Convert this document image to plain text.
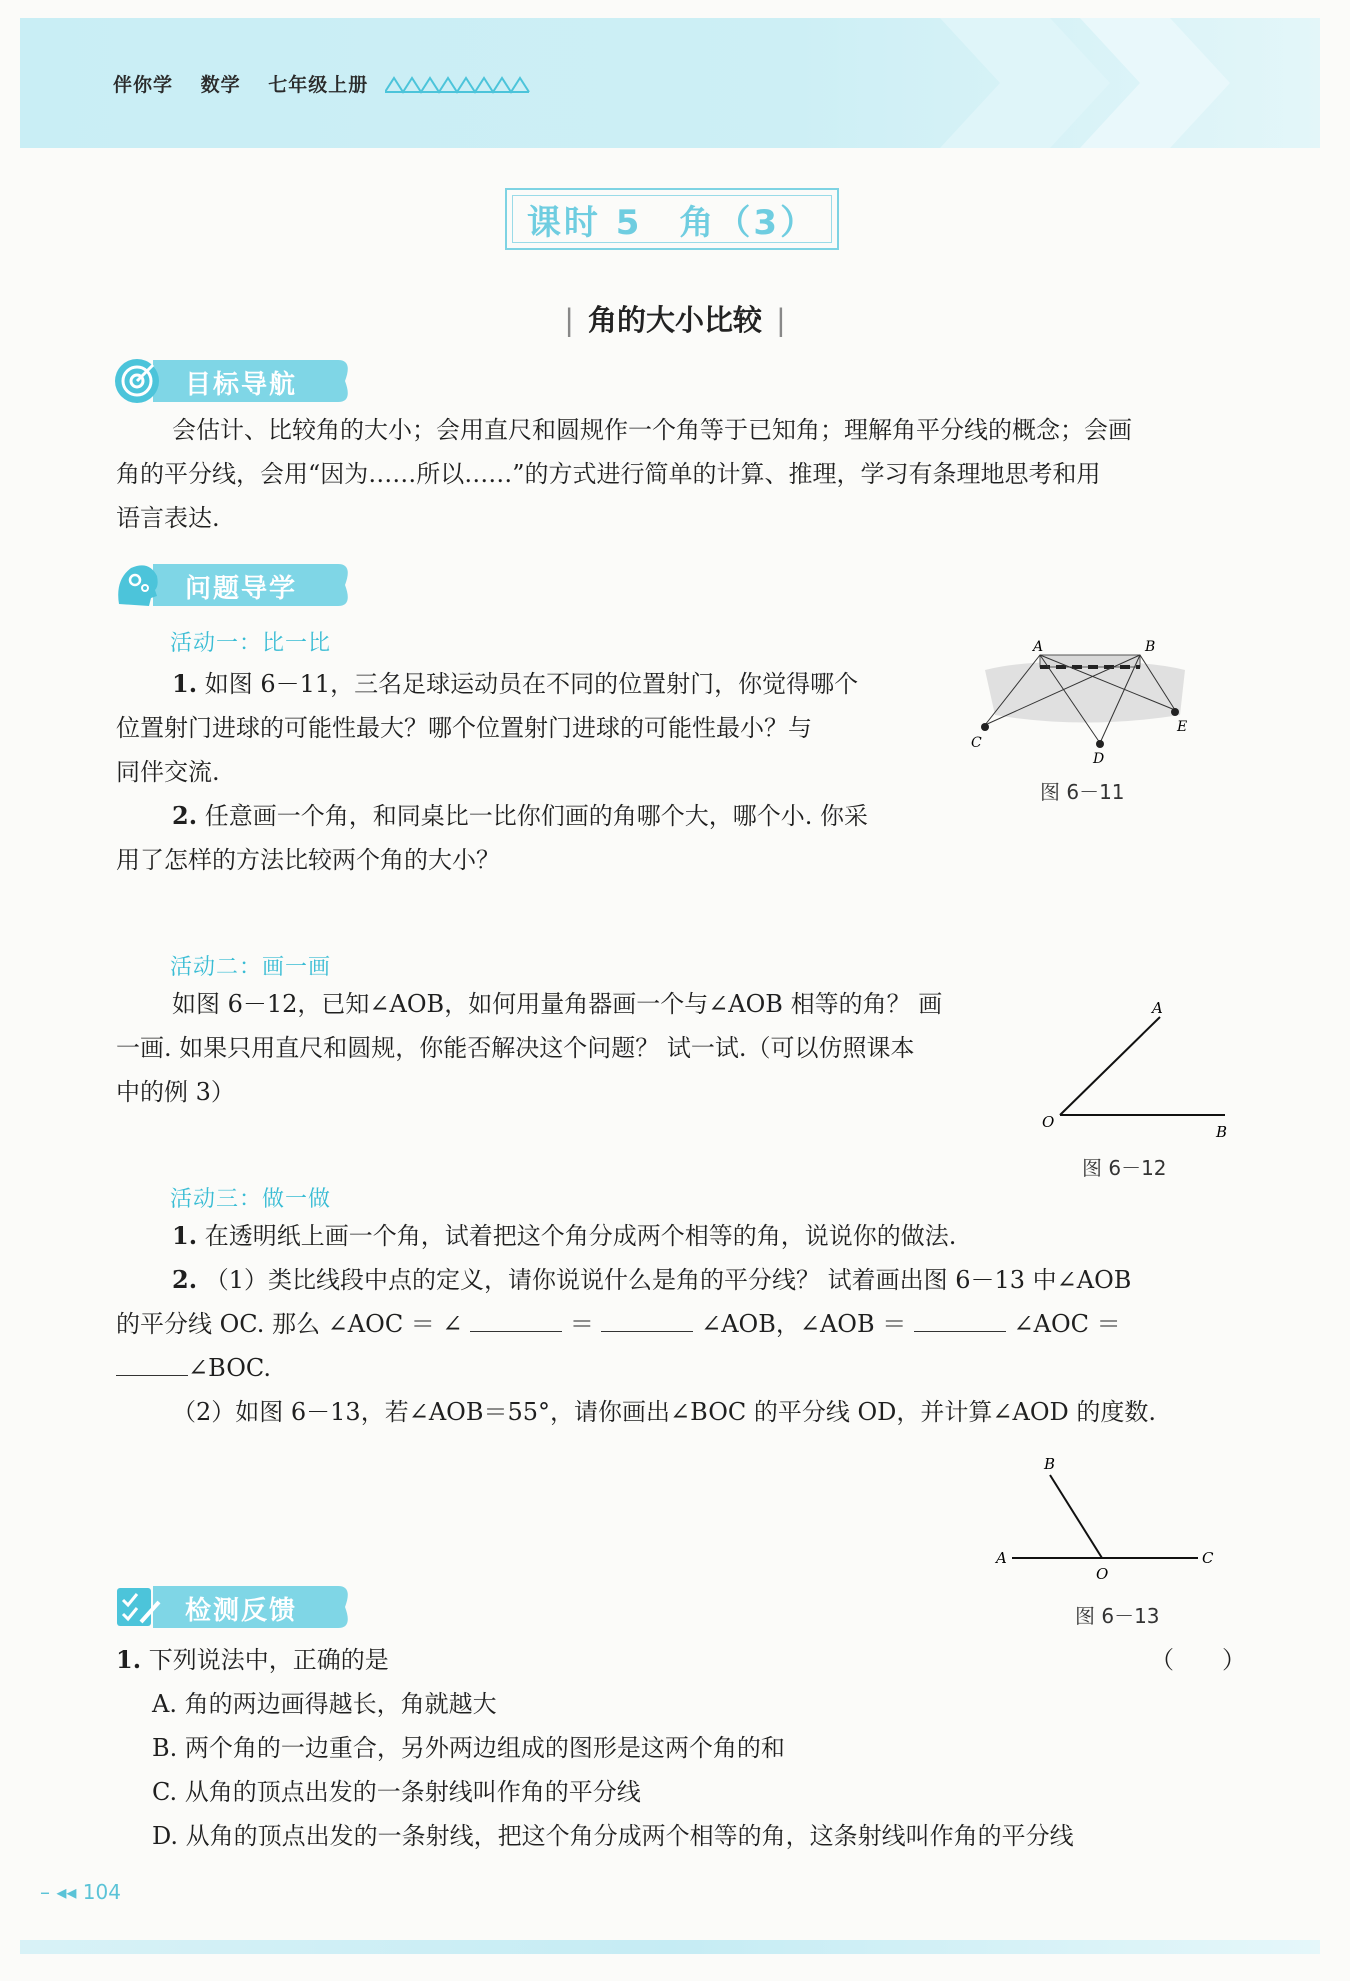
伴你学 数学 七年级上册
课时 5　角（3）
| 角的大小比较 |
目标导航

会估计、比较角的大小；会用直尺和圆规作一个角等于已知角；理解角平分线的概念；会画

角的平分线，会用“因为……所以……”的方式进行简单的计算、推理，学习有条理地思考和用

语言表达.

问题导学
活动一：比一比

1. 如图 6－11，三名足球运动员在不同的位置射门，你觉得哪个

位置射门进球的可能性最大？哪个位置射门进球的可能性最小？与

同伴交流.

2. 任意画一个角，和同桌比一比你们画的角哪个大，哪个小. 你采

用了怎样的方法比较两个角的大小？

A	B
C
D
E
图 6－11
活动二：画一画

如图 6－12，已知∠AOB，如何用量角器画一个与∠AOB 相等的角？ 画

一画. 如果只用直尺和圆规，你能否解决这个问题？ 试一试.（可以仿照课本

中的例 3）

A
O
B
图 6－12
活动三：做一做

1. 在透明纸上画一个角，试着把这个角分成两个相等的角，说说你的做法.

2. （1）类比线段中点的定义，请你说说什么是角的平分线？ 试着画出图 6－13 中∠AOB

的平分线 OC. 那么 ∠AOC ＝ ∠	＝	∠AOB，∠AOB ＝	∠AOC ＝

∠BOC.

（2）如图 6－13，若∠AOB＝55°，请你画出∠BOC 的平分线 OD，并计算∠AOD 的度数.

B
A
O
C
图 6－13
检测反馈

1. 下列说法中，正确的是	（　　）

A. 角的两边画得越长，角就越大

B. 两个角的一边重合，另外两边组成的图形是这两个角的和

C. 从角的顶点出发的一条射线叫作角的平分线

D. 从角的顶点出发的一条射线，把这个角分成两个相等的角，这条射线叫作角的平分线

– ◂◂ 104
